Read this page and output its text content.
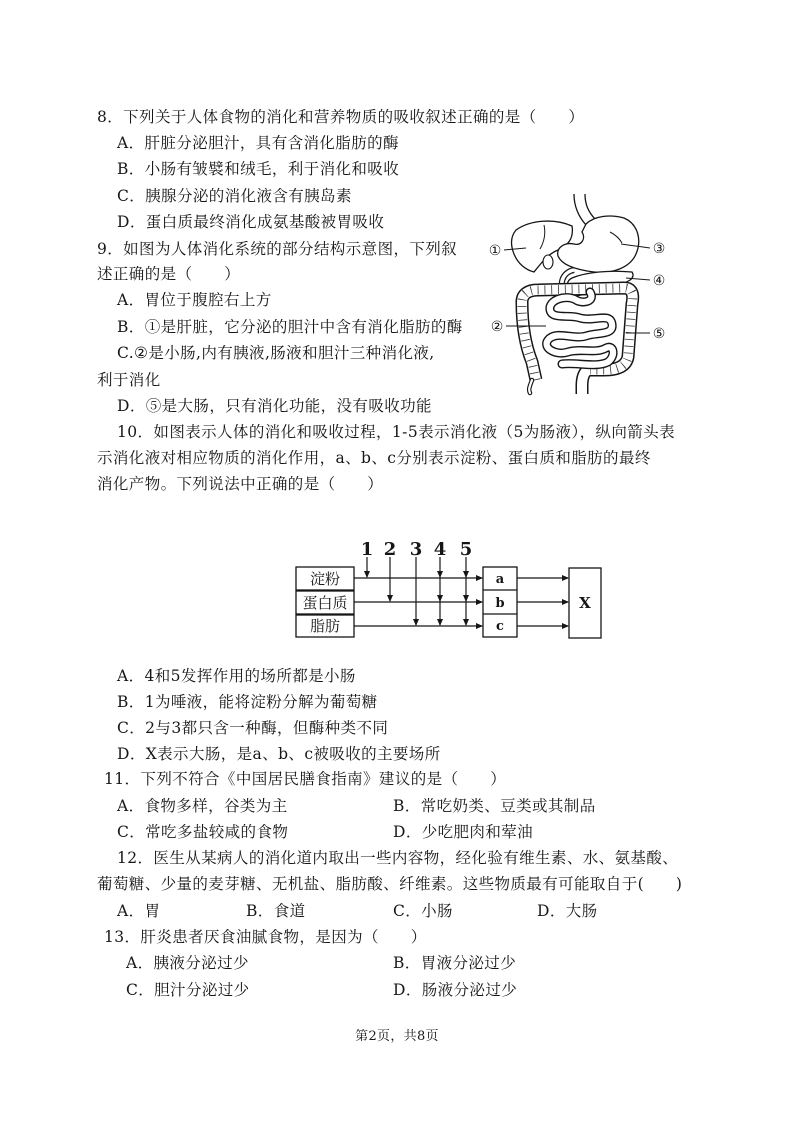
8．下列关于人体食物的消化和营养物质的吸收叙述正确的是（　　）
A．肝脏分泌胆汁，具有含消化脂肪的酶
B．小肠有皱襞和绒毛，利于消化和吸收
C．胰腺分泌的消化液含有胰岛素
D．蛋白质最终消化成氨基酸被胃吸收
9．如图为人体消化系统的部分结构示意图，下列叙
述正确的是（　　）
A．胃位于腹腔右上方
B．①是肝脏，它分泌的胆汁中含有消化脂肪的酶
C.②是小肠,内有胰液,肠液和胆汁三种消化液,
利于消化
D．⑤是大肠，只有消化功能，没有吸收功能
①
②
③
④
⑤
10．如图表示人体的消化和吸收过程，1-5表示消化液（5为肠液），纵向箭头表
示消化液对相应物质的消化作用，a、b、c分别表示淀粉、蛋白质和脂肪的最终
消化产物。下列说法中正确的是（　　）
淀粉
蛋白质
脂肪
1 2 3 4 5
a
b
c
X
A．4和5发挥作用的场所都是小肠
B．1为唾液，能将淀粉分解为葡萄糖
C．2与3都只含一种酶，但酶种类不同
D．X表示大肠，是a、b、c被吸收的主要场所
11．下列不符合《中国居民膳食指南》建议的是（　　）
A．食物多样，谷类为主	B．常吃奶类、豆类或其制品
C．常吃多盐较咸的食物	D．少吃肥肉和荤油
12．医生从某病人的消化道内取出一些内容物，经化验有维生素、水、氨基酸、
葡萄糖、少量的麦芽糖、无机盐、脂肪酸、纤维素。这些物质最有可能取自于(　　)
A．胃	B．食道	C．小肠	D．大肠
13．肝炎患者厌食油腻食物，是因为（　　）
A．胰液分泌过少	B．胃液分泌过少
C．胆汁分泌过少	D．肠液分泌过少
第2页，共8页
